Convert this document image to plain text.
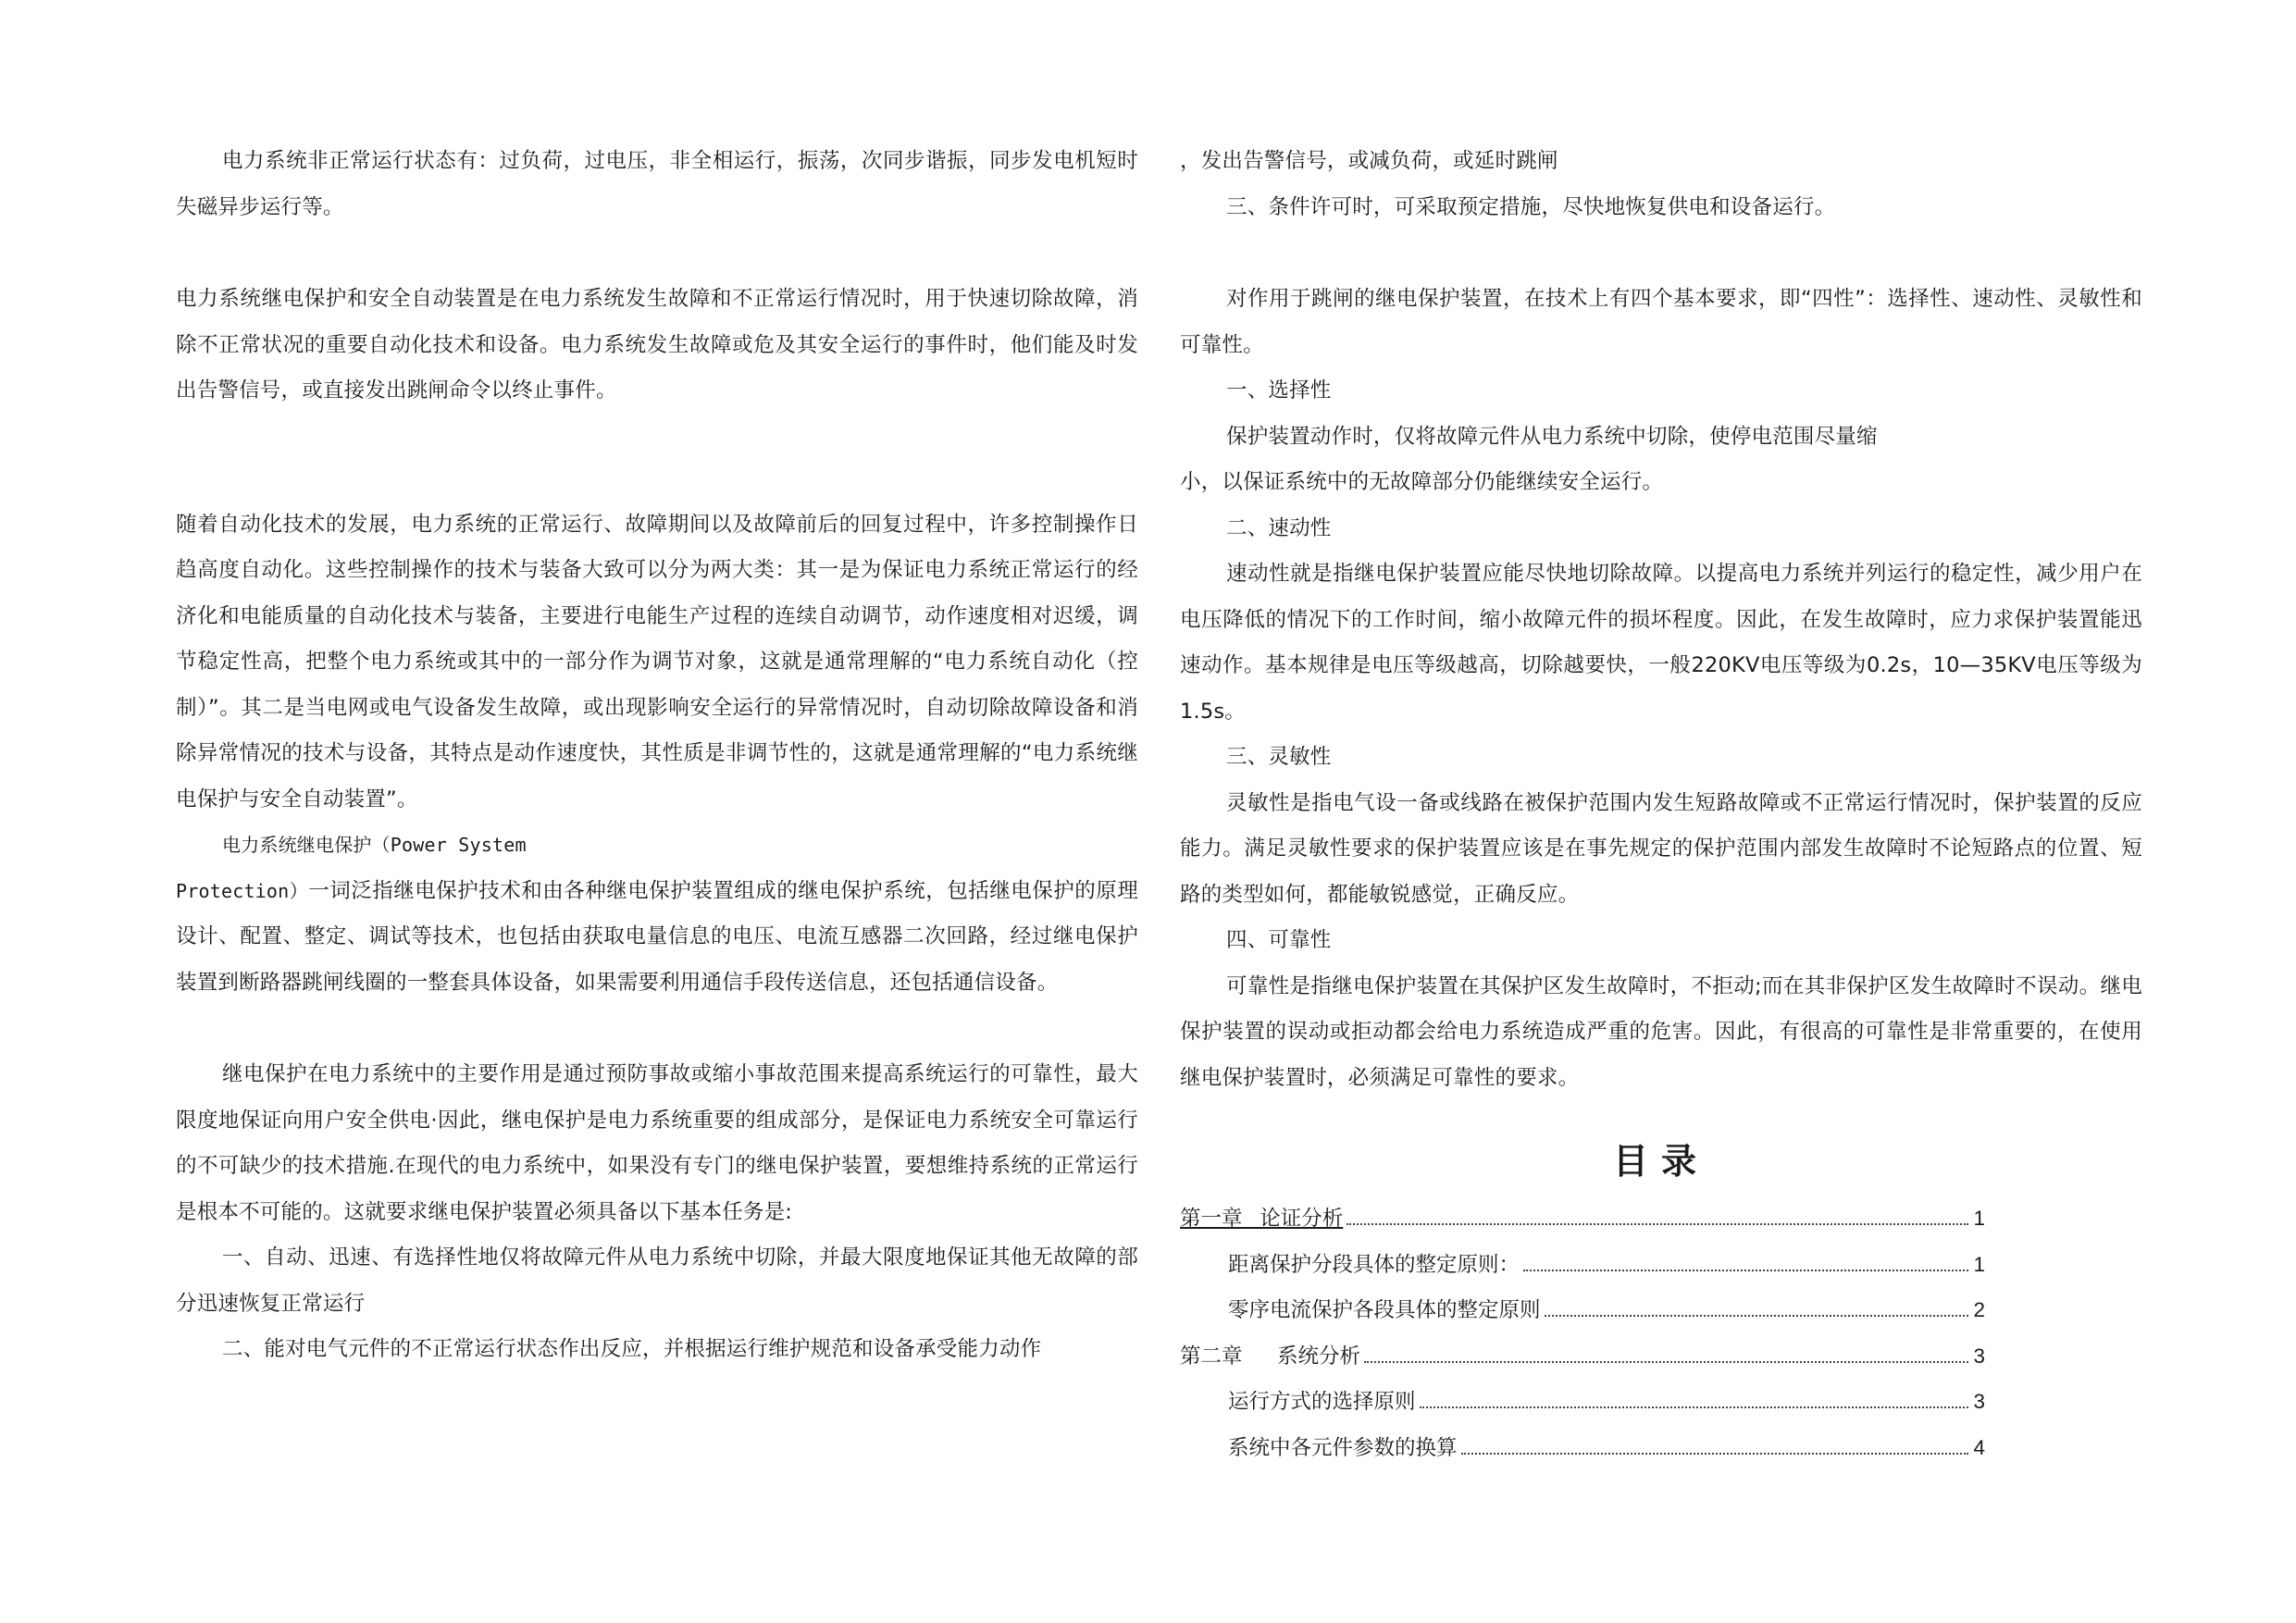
电力系统非正常运行状态有：过负荷，过电压，非全相运行，振荡，次同步谐振，同步发电机短时失磁异步运行等。

电力系统继电保护和安全自动装置是在电力系统发生故障和不正常运行情况时，用于快速切除故障，消除不正常状况的重要自动化技术和设备。电力系统发生故障或危及其安全运行的事件时，他们能及时发出告警信号，或直接发出跳闸命令以终止事件。

随着自动化技术的发展，电力系统的正常运行、故障期间以及故障前后的回复过程中，许多控制操作日趋高度自动化。这些控制操作的技术与装备大致可以分为两大类：其一是为保证电力系统正常运行的经济化和电能质量的自动化技术与装备，主要进行电能生产过程的连续自动调节，动作速度相对迟缓，调节稳定性高，把整个电力系统或其中的一部分作为调节对象，这就是通常理解的“电力系统自动化（控制）”。其二是当电网或电气设备发生故障，或出现影响安全运行的异常情况时，自动切除故障设备和消除异常情况的技术与设备，其特点是动作速度快，其性质是非调节性的，这就是通常理解的“电力系统继电保护与安全自动装置”。

电力系统继电保护（Power System

Protection）一词泛指继电保护技术和由各种继电保护装置组成的继电保护系统，包括继电保护的原理设计、配置、整定、调试等技术，也包括由获取电量信息的电压、电流互感器二次回路，经过继电保护装置到断路器跳闸线圈的一整套具体设备，如果需要利用通信手段传送信息，还包括通信设备。

继电保护在电力系统中的主要作用是通过预防事故或缩小事故范围来提高系统运行的可靠性，最大限度地保证向用户安全供电·因此，继电保护是电力系统重要的组成部分，是保证电力系统安全可靠运行的不可缺少的技术措施.在现代的电力系统中，如果没有专门的继电保护装置，要想维持系统的正常运行是根本不可能的。这就要求继电保护装置必须具备以下基本任务是:

一、自动、迅速、有选择性地仅将故障元件从电力系统中切除，并最大限度地保证其他无故障的部分迅速恢复正常运行

二、能对电气元件的不正常运行状态作出反应，并根据运行维护规范和设备承受能力动作

，发出告警信号，或减负荷，或延时跳闸

三、条件许可时，可采取预定措施，尽快地恢复供电和设备运行。

对作用于跳闸的继电保护装置，在技术上有四个基本要求，即“四性”：选择性、速动性、灵敏性和可靠性。

一、选择性

保护装置动作时，仅将故障元件从电力系统中切除，使停电范围尽量缩

小，以保证系统中的无故障部分仍能继续安全运行。

二、速动性

速动性就是指继电保护装置应能尽快地切除故障。以提高电力系统并列运行的稳定性，减少用户在电压降低的情况下的工作时间，缩小故障元件的损坏程度。因此，在发生故障时，应力求保护装置能迅速动作。基本规律是电压等级越高，切除越要快，一般220KV电压等级为0.2s，10—35KV电压等级为1.5s。

三、灵敏性

灵敏性是指电气设一备或线路在被保护范围内发生短路故障或不正常运行情况时，保护装置的反应能力。满足灵敏性要求的保护装置应该是在事先规定的保护范围内部发生故障时不论短路点的位置、短路的类型如何，都能敏锐感觉，正确反应。

四、可靠性

可靠性是指继电保护装置在其保护区发生故障时，不拒动;而在其非保护区发生故障时不误动。继电保护装置的误动或拒动都会给电力系统造成严重的危害。因此，有很高的可靠性是非常重要的，在使用继电保护装置时，必须满足可靠性的要求。

目录
第一章   论证分析	1
距离保护分段具体的整定原则：	1
零序电流保护各段具体的整定原则	2
第二章      系统分析	3
运行方式的选择原则	3
系统中各元件参数的换算	4
